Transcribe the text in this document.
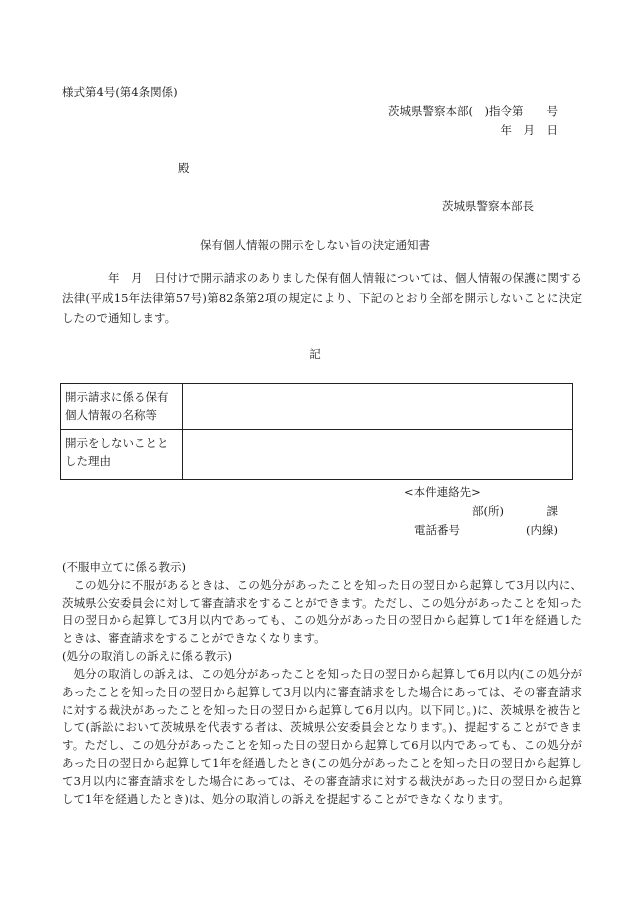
様式第4号(第4条関係)
茨城県警察本部(　)指令第　　号
年　月　日
殿
茨城県警察本部長
保有個人情報の開示をしない旨の決定通知書

年　月　日付けで開示請求のありました保有個人情報については、個人情報の保護に関する法律(平成15年法律第57号)第82条第2項の規定により、下記のとおり全部を開示しないことに決定したので通知します。

記
開示請求に係る保有個人情報の名称等	
開示をしないこととした理由	
<本件連絡先>
部(所)	課
電話番号	(内線)

(不服申立てに係る教示)

この処分に不服があるときは、この処分があったことを知った日の翌日から起算して3月以内に、茨城県公安委員会に対して審査請求をすることができます。ただし、この処分があったことを知った日の翌日から起算して3月以内であっても、この処分があった日の翌日から起算して1年を経過したときは、審査請求をすることができなくなります。

(処分の取消しの訴えに係る教示)

処分の取消しの訴えは、この処分があったことを知った日の翌日から起算して6月以内(この処分があったことを知った日の翌日から起算して3月以内に審査請求をした場合にあっては、その審査請求に対する裁決があったことを知った日の翌日から起算して6月以内。以下同じ。)に、茨城県を被告として(訴訟において茨城県を代表する者は、茨城県公安委員会となります。)、提起することができます。ただし、この処分があったことを知った日の翌日から起算して6月以内であっても、この処分があった日の翌日から起算して1年を経過したとき(この処分があったことを知った日の翌日から起算して3月以内に審査請求をした場合にあっては、その審査請求に対する裁決があった日の翌日から起算して1年を経過したとき)は、処分の取消しの訴えを提起することができなくなります。
